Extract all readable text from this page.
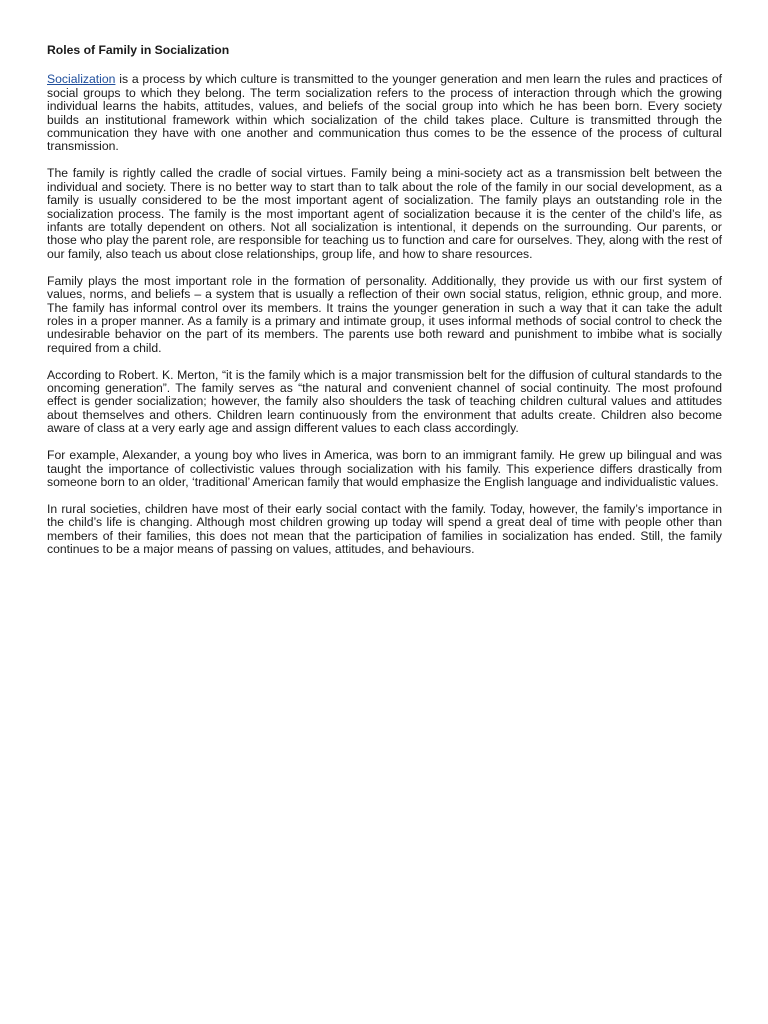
Roles of Family in Socialization

Socialization is a process by which culture is transmitted to the younger generation and men learn the rules and practices of social groups to which they belong. The term socialization refers to the process of interaction through which the growing individual learns the habits, attitudes, values, and beliefs of the social group into which he has been born. Every society builds an institutional framework within which socialization of the child takes place. Culture is transmitted through the communication they have with one another and communication thus comes to be the essence of the process of cultural transmission.

The family is rightly called the cradle of social virtues. Family being a mini-society act as a transmission belt between the individual and society. There is no better way to start than to talk about the role of the family in our social development, as a family is usually considered to be the most important agent of socialization. The family plays an outstanding role in the socialization process. The family is the most important agent of socialization because it is the center of the child’s life, as infants are totally dependent on others. Not all socialization is intentional, it depends on the surrounding. Our parents, or those who play the parent role, are responsible for teaching us to function and care for ourselves. They, along with the rest of our family, also teach us about close relationships, group life, and how to share resources.

Family plays the most important role in the formation of personality. Additionally, they provide us with our first system of values, norms, and beliefs – a system that is usually a reflection of their own social status, religion, ethnic group, and more. The family has informal control over its members. It trains the younger generation in such a way that it can take the adult roles in a proper manner. As a family is a primary and intimate group, it uses informal methods of social control to check the undesirable behavior on the part of its members. The parents use both reward and punishment to imbibe what is socially required from a child.

According to Robert. K. Merton, “it is the family which is a major transmission belt for the diffusion of cultural standards to the oncoming generation”. The family serves as “the natural and convenient channel of social continuity. The most profound effect is gender socialization; however, the family also shoulders the task of teaching children cultural values and attitudes about themselves and others. Children learn continuously from the environment that adults create. Children also become aware of class at a very early age and assign different values to each class accordingly.

For example, Alexander, a young boy who lives in America, was born to an immigrant family. He grew up bilingual and was taught the importance of collectivistic values through socialization with his family. This experience differs drastically from someone born to an older, ‘traditional’ American family that would emphasize the English language and individualistic values.

In rural societies, children have most of their early social contact with the family. Today, however, the family’s importance in the child’s life is changing. Although most children growing up today will spend a great deal of time with people other than members of their families, this does not mean that the participation of families in socialization has ended. Still, the family continues to be a major means of passing on values, attitudes, and behaviours.
